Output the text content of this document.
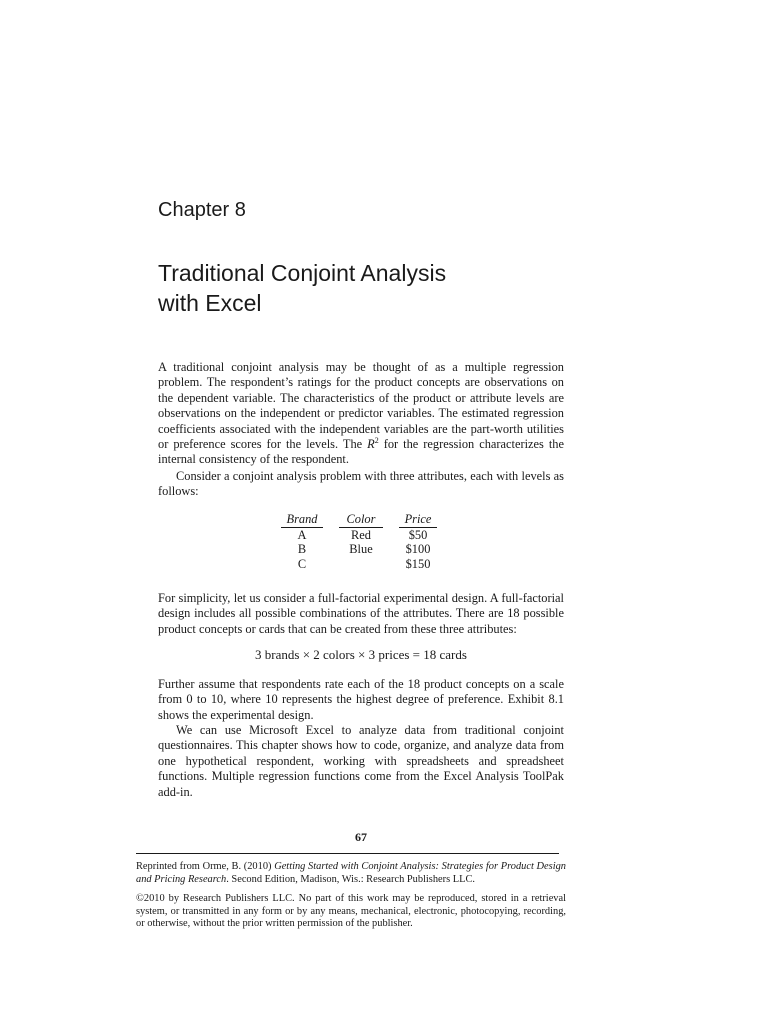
Chapter 8
Traditional Conjoint Analysis
with Excel

A traditional conjoint analysis may be thought of as a multiple regression problem. The respondent’s ratings for the product concepts are observations on the dependent variable. The characteristics of the product or attribute levels are observations on the independent or predictor variables. The estimated regression coefficients associated with the independent variables are the part-worth utilities or preference scores for the levels. The $R^2$ for the regression characterizes the internal consistency of the respondent.

Consider a conjoint analysis problem with three attributes, each with levels as follows:

Brand		Color		Price
A		Red		$50
B		Blue		$100
C				$150

For simplicity, let us consider a full-factorial experimental design. A full-factorial design includes all possible combinations of the attributes. There are 18 possible product concepts or cards that can be created from these three attributes:

3 brands × 2 colors × 3 prices = 18 cards

Further assume that respondents rate each of the 18 product concepts on a scale from 0 to 10, where 10 represents the highest degree of preference. Exhibit 8.1 shows the experimental design.

We can use Microsoft Excel to analyze data from traditional conjoint questionnaires. This chapter shows how to code, organize, and analyze data from one hypothetical respondent, working with spreadsheets and spreadsheet functions. Multiple regression functions come from the Excel Analysis ToolPak add-in.

67
Reprinted from Orme, B. (2010) Getting Started with Conjoint Analysis: Strategies for Product Design and Pricing Research. Second Edition, Madison, Wis.: Research Publishers LLC.
©2010 by Research Publishers LLC. No part of this work may be reproduced, stored in a retrieval system, or transmitted in any form or by any means, mechanical, electronic, photocopying, recording, or otherwise, without the prior written permission of the publisher.
